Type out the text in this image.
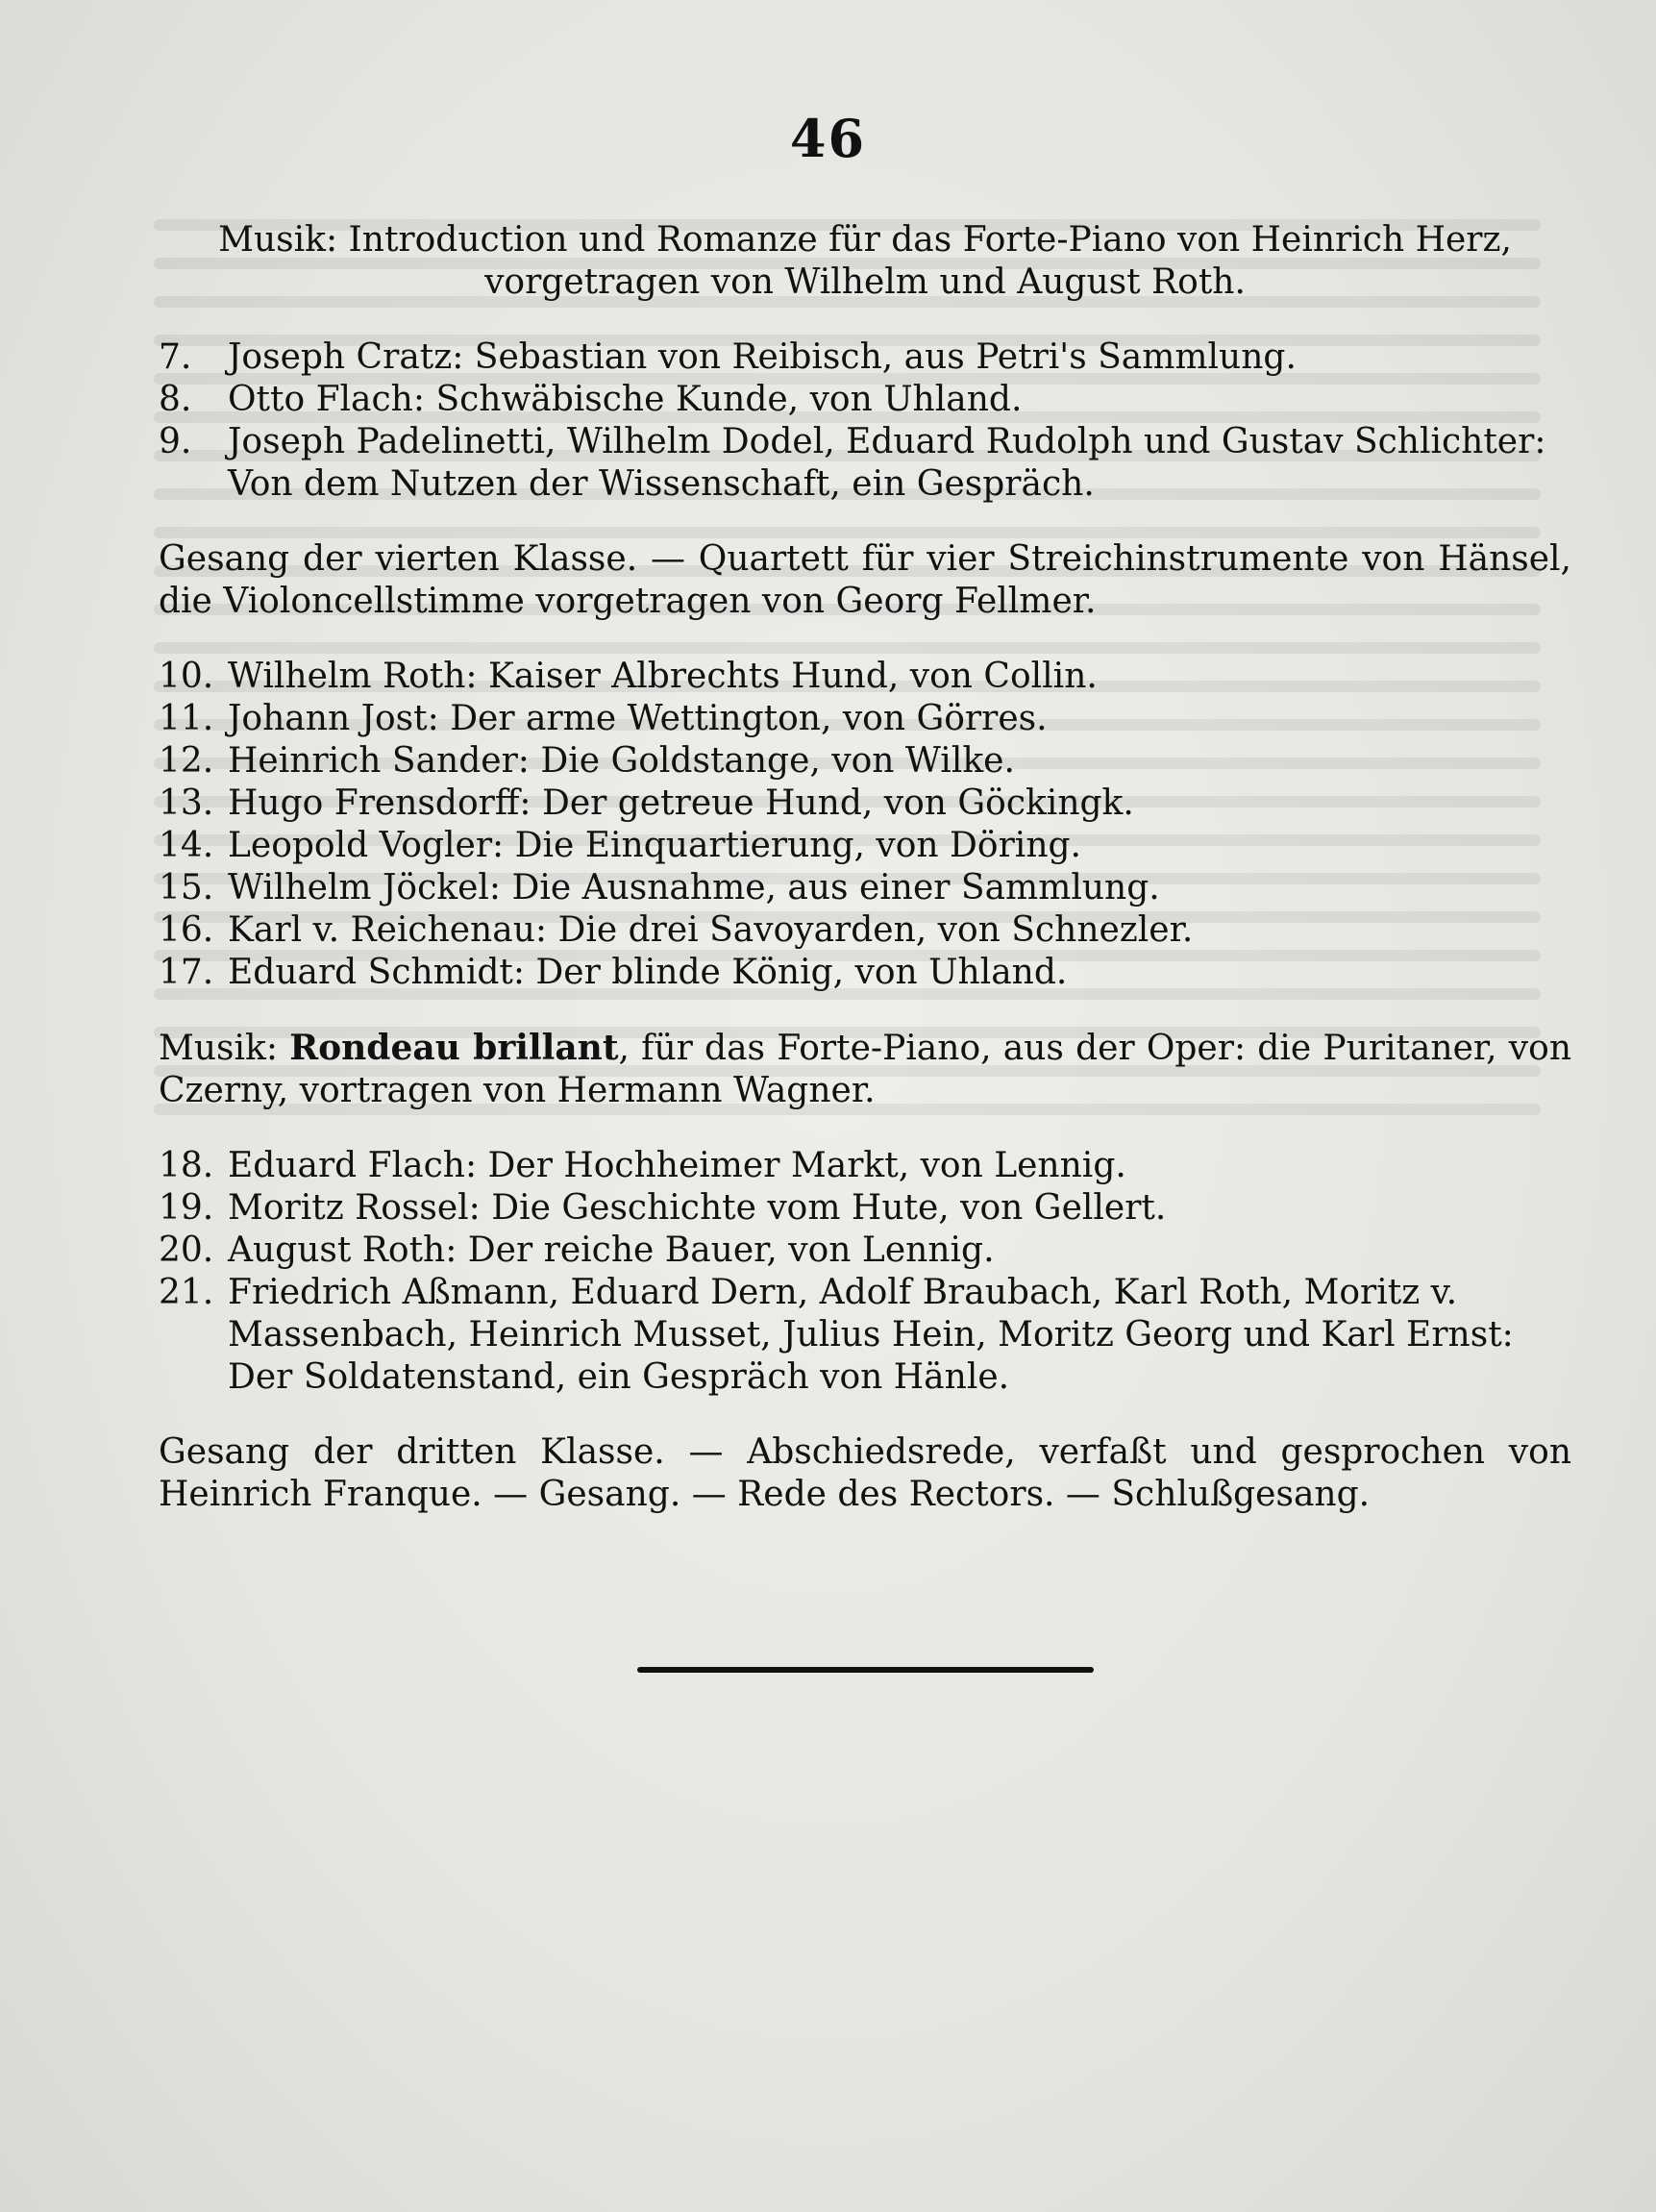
46

Musik: Introduction und Romanze für das Forte-Piano von Heinrich Herz,
vorgetragen von Wilhelm und August Roth.

7.	Joseph Cratz: Sebastian von Reibisch, aus Petri's Sammlung.
8.	Otto Flach: Schwäbische Kunde, von Uhland.
9.	Joseph Padelinetti, Wilhelm Dodel, Eduard Rudolph und Gustav Schlichter: Von dem Nutzen der Wissenschaft, ein Gespräch.

Gesang der vierten Klasse. — Quartett für vier Streichinstrumente von Hänsel, die Violoncellstimme vorgetragen von Georg Fellmer.

10. Wilhelm Roth: Kaiser Albrechts Hund, von Collin.
11. Johann Jost: Der arme Wettington, von Görres.
12. Heinrich Sander: Die Goldstange, von Wilke.
13. Hugo Frensdorff: Der getreue Hund, von Göckingk.
14. Leopold Vogler: Die Einquartierung, von Döring.
15. Wilhelm Jöckel: Die Ausnahme, aus einer Sammlung.
16. Karl v. Reichenau: Die drei Savoyarden, von Schnezler.
17. Eduard Schmidt: Der blinde König, von Uhland.

Musik: Rondeau brillant, für das Forte-Piano, aus der Oper: die Puritaner, von Czerny, vortragen von Hermann Wagner.

18. Eduard Flach: Der Hochheimer Markt, von Lennig.
19. Moritz Rossel: Die Geschichte vom Hute, von Gellert.
20. August Roth: Der reiche Bauer, von Lennig.
21. Friedrich Aßmann, Eduard Dern, Adolf Braubach, Karl Roth, Moritz v. Massenbach, Heinrich Musset, Julius Hein, Moritz Georg und Karl Ernst: Der Soldatenstand, ein Gespräch von Hänle.

Gesang der dritten Klasse. — Abschiedsrede, verfaßt und gesprochen von Heinrich Franque. — Gesang. — Rede des Rectors. — Schlußgesang.
